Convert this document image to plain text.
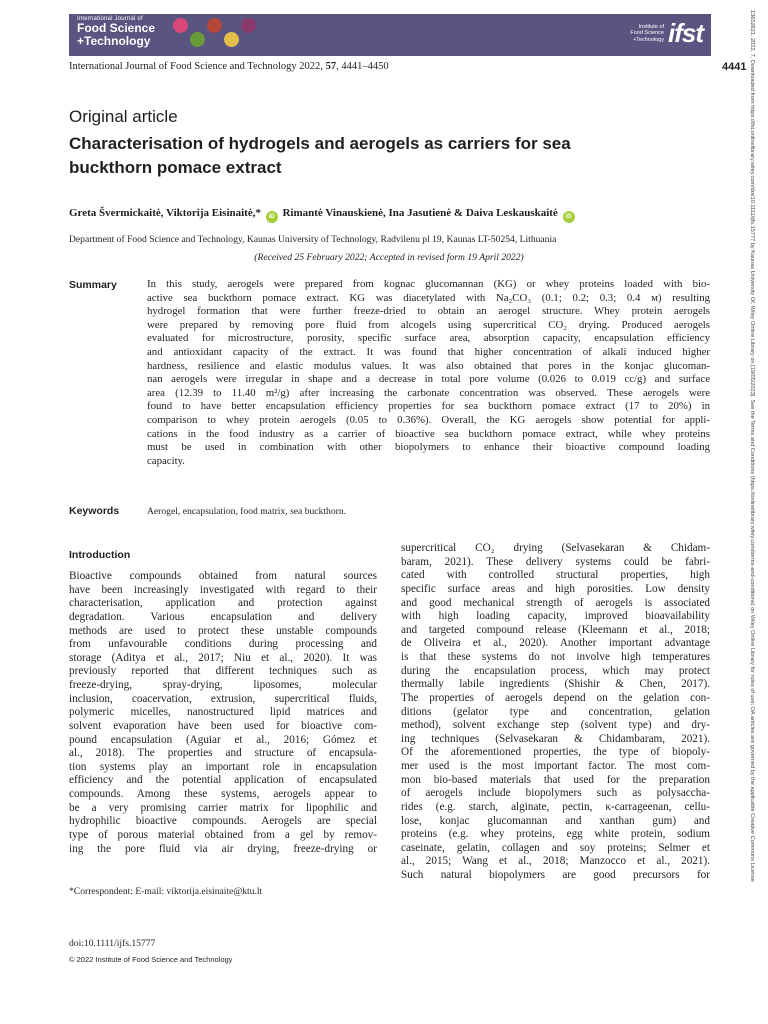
International Journal of
Food Science
+Technology
Institute of
Food Science
+Technology ifst
International Journal of Food Science and Technology 2022, 57, 4441–4450	4441 13652621, 2022, 7, Downloaded from https://ifst.onlinelibrary.wiley.com/doi/10.1111/ijfs.15777 by Kaunas University Of, Wiley Online Library on [19/05/2023]. See the Terms and Conditions (https://onlinelibrary.wiley.com/terms-and-conditions) on Wiley Online Library for rules of use; OA articles are governed by the applicable Creative Commons License
Original article
Characterisation of hydrogels and aerogels as carriers for sea
buckthorn pomace extract
Greta Švermickaitė, Viktorija Eisinaitė,* iD Rimantė Vinauskienė, Ina Jasutienė & Daiva Leskauskaitė iD
Department of Food Science and Technology, Kaunas University of Technology, Radvilenu pl 19, Kaunas LT-50254, Lithuania
(Received 25 February 2022; Accepted in revised form 19 April 2022)
Summary	In this study, aerogels were prepared from kognac glucomannan (KG) or whey proteins loaded with bio-
active sea buckthorn pomace extract. KG was diacetylated with Na₂CO₃ (0.1; 0.2; 0.3; 0.4 м) resulting
hydrogel formation that were further freeze-dried to obtain an aerogel structure. Whey protein aerogels
were prepared by removing pore fluid from alcogels using supercritical CO₂ drying. Produced aerogels
evaluated for microstructure, porosity, specific surface area, absorption capacity, encapsulation efficiency
and antioxidant capacity of the extract. It was found that higher concentration of alkali induced higher
hardness, resilience and elastic modulus values. It was also obtained that pores in the konjac glucoman-
nan aerogels were irregular in shape and a decrease in total pore volume (0.026 to 0.019 cc/g) and surface
area (12.39 to 11.40 m²/g) after increasing the carbonate concentration was observed. These aerogels were
found to have better encapsulation efficiency properties for sea buckthorn pomace extract (17 to 20%) in
comparison to whey protein aerogels (0.05 to 0.36%). Overall, the KG aerogels show potential for appli-
cations in the food industry as a carrier of bioactive sea buckthorn pomace extract, while whey proteins
must be used in combination with other biopolymers to enhance their bioactive compound loading
capacity.
Keywords	Aerogel, encapsulation, food matrix, sea buckthorn.
Introduction
Bioactive compounds obtained from natural sources
have been increasingly investigated with regard to their
characterisation, application and protection against
degradation. Various encapsulation and delivery
methods are used to protect these unstable compounds
from unfavourable conditions during processing and
storage (Aditya et al., 2017; Niu et al., 2020). It was
previously reported that different techniques such as
freeze-drying, spray-drying, liposomes, molecular
inclusion, coacervation, extrusion, supercritical fluids,
polymeric micelles, nanostructured lipid matrices and
solvent evaporation have been used for bioactive com-
pound encapsulation (Aguiar et al., 2016; Gómez et
al., 2018). The properties and structure of encapsula-
tion systems play an important role in encapsulation
efficiency and the potential application of encapsulated
compounds. Among these systems, aerogels appear to
be a very promising carrier matrix for lipophilic and
hydrophilic bioactive compounds. Aerogels are special
type of porous material obtained from a gel by remov-
ing the pore fluid via air drying, freeze-drying or
supercritical CO₂ drying (Selvasekaran & Chidam-
baram, 2021). These delivery systems could be fabri-
cated with controlled structural properties, high
specific surface areas and high porosities. Low density
and good mechanical strength of aerogels is associated
with high loading capacity, improved bioavailability
and targeted compound release (Kleemann et al., 2018;
de Oliveira et al., 2020). Another important advantage
is that these systems do not involve high temperatures
during the encapsulation process, which may protect
thermally labile ingredients (Shishir & Chen, 2017).
The properties of aerogels depend on the gelation con-
ditions (gelator type and concentration, gelation
method), solvent exchange step (solvent type) and dry-
ing techniques (Selvasekaran & Chidambaram, 2021).
Of the aforementioned properties, the type of biopoly-
mer used is the most important factor. The most com-
mon bio-based materials that used for the preparation
of aerogels include biopolymers such as polysaccha-
rides (e.g. starch, alginate, pectin, κ-carrageenan, cellu-
lose, konjac glucomannan and xanthan gum) and
proteins (e.g. whey proteins, egg white protein, sodium
caseinate, gelatin, collagen and soy proteins; Selmer et
al., 2015; Wang et al., 2018; Manzocco et al., 2021).
Such natural biopolymers are good precursors for
*Correspondent: E-mail: viktorija.eisinaite@ktu.lt
doi:10.1111/ijfs.15777
© 2022 Institute of Food Science and Technology
